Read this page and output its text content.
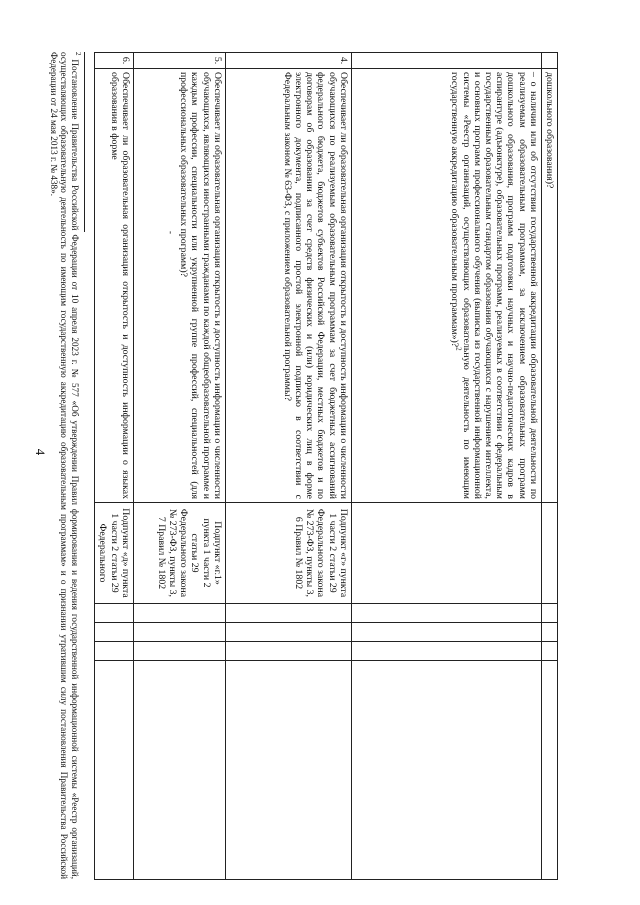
4
	дошкольного образования)?					
	– о наличии или об отсутствии государственной аккредитации образовательной деятельности по реализуемым образовательным программам, за исключением образовательных программ дошкольного образования, программ подготовки научных и научно-педагогических кадров в аспирантуре (адъюнктуре), образовательных программ, реализуемых в соответствии с федеральным государственным образовательным стандартом образования обучающихся с нарушением интеллекта, и основных программ профессионального обучения (выписка из государственной информационной системы «Реестр организаций, осуществляющих образовательную деятельность по имеющим государственную аккредитацию образовательным программам»)?$^2$					
4.	Обеспечивает ли образовательная организация открытость и доступность информации о численности обучающихся по реализуемым образовательным программам за счет бюджетных ассигнований федерального бюджета, бюджетов субъектов Российской Федерации, местных бюджетов и по договорам об образовании за счет средств физических и (или) юридических лиц в форме электронного документа, подписанного простой электронной подписью в соответствии с Федеральным законом № 63-ФЗ, с приложением образовательной программы?	Подпункт «г» пункта 1 части 2 статьи 29 Федерального закона № 273-ФЗ, пункты 3, 6 Правил № 1802				
5.	Обеспечивает ли образовательная организация открытость и доступность информации о численности обучающихся, являющихся иностранными гражданами по каждой общеобразовательной программе и каждым профессии, специальности или укрупненной группе профессий, специальностей (для профессиональных образовательных программ)?	Подпункт «г.1» пункта 1 части 2 статьи 29 Федерального закона № 273-ФЗ, пункты 3, 7 Правил № 1802				
6.	Обеспечивает ли образовательная организация открытость и доступность информации о языках образования в форме	Подпункт «д» пункта 1 части 2 статьи 29 Федерального				
-
$^2$ Постановление Правительства Российской Федерации от 10 апреля 2023 г. № 577 «Об утверждении Правил формирования и ведения государственной информационной системы «Реестр организаций, осуществляющих образовательную деятельность по имеющим государственную аккредитацию образовательным программам» и о признании утратившим силу постановления Правительства Российской Федерации от 24 мая 2013 г. № 438».
